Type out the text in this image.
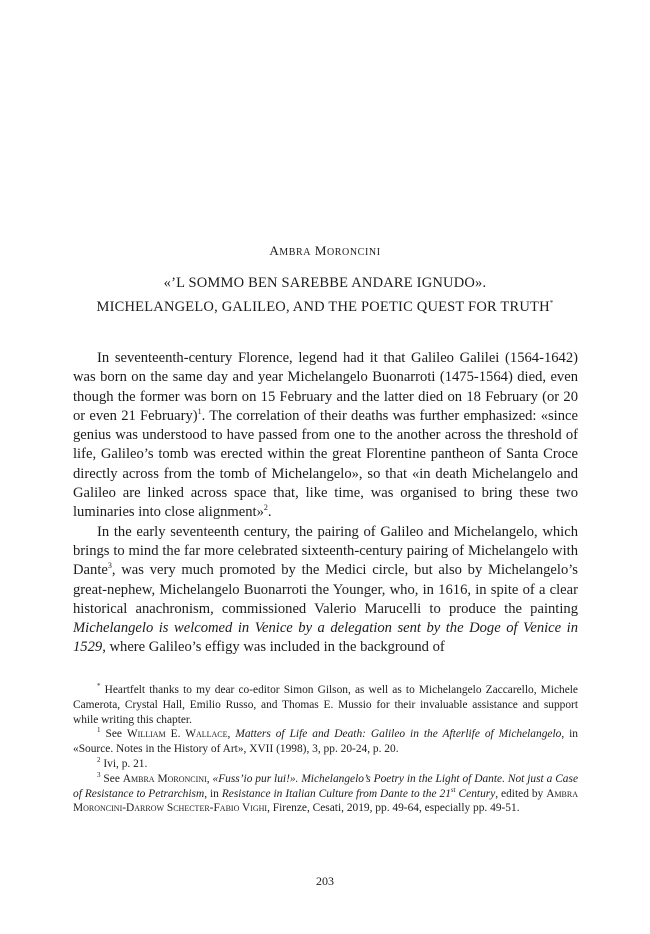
AMBRA MORONCINI
«’L SOMMO BEN SAREBBE ANDARE IGNUDO».
MICHELANGELO, GALILEO, AND THE POETIC QUEST FOR TRUTH*

In seventeenth-century Florence, legend had it that Galileo Galilei (1564-1642) was born on the same day and year Michelangelo Buonarroti (1475-1564) died, even though the former was born on 15 February and the latter died on 18 February (or 20 or even 21 February)$^1$. The correlation of their deaths was further emphasized: «since genius was understood to have passed from one to the another across the threshold of life, Galileo’s tomb was erected within the great Florentine pantheon of Santa Croce directly across from the tomb of Michelangelo», so that «in death Michelangelo and Galileo are linked across space that, like time, was organised to bring these two luminaries into close alignment»$^2$.

In the early seventeenth century, the pairing of Galileo and Michelangelo, which brings to mind the far more celebrated sixteenth-century pairing of Michelangelo with Dante$^3$, was very much promoted by the Medici circle, but also by Michelangelo’s great-nephew, Michelangelo Buonarroti the Younger, who, in 1616, in spite of a clear historical anachronism, commissioned Valerio Marucelli to produce the painting Michelangelo is welcomed in Venice by a delegation sent by the Doge of Venice in 1529, where Galileo’s effigy was included in the background of

* Heartfelt thanks to my dear co-editor Simon Gilson, as well as to Michelangelo Zaccarello, Michele Camerota, Crystal Hall, Emilio Russo, and Thomas E. Mussio for their invaluable assistance and support while writing this chapter.

$^1$ See William E. Wallace, Matters of Life and Death: Galileo in the Afterlife of Michelangelo, in «Source. Notes in the History of Art», XVII (1998), 3, pp. 20-24, p. 20.

$^2$ Ivi, p. 21.

$^3$ See Ambra Moroncini, «Fuss’io pur lui!». Michelangelo’s Poetry in the Light of Dante. Not just a Case of Resistance to Petrarchism, in Resistance in Italian Culture from Dante to the 21st Century, edited by Ambra Moroncini-Darrow Schecter-Fabio Vighi, Firenze, Cesati, 2019, pp. 49-64, especially pp. 49-51.

203
